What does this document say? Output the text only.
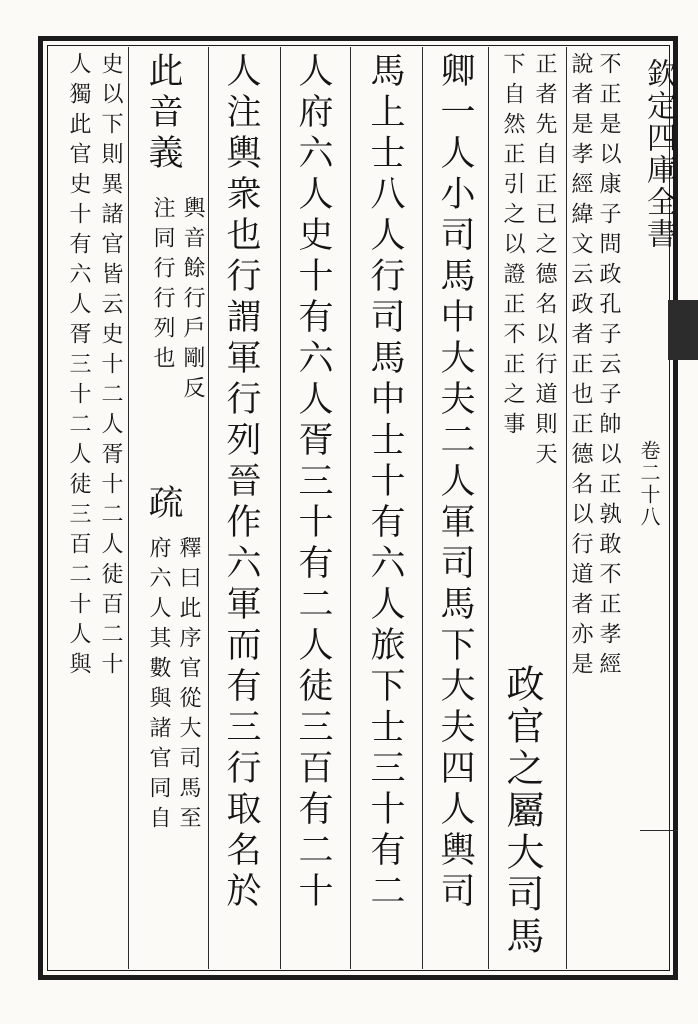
欽定四庫全書
卷二十八
不正是以康子問政孔子云子帥以正孰敢不正孝經
說者是孝經緯文云政者正也正德名以行道者亦是
正者先自正已之德名以行道則天
下自然正引之以證正不正之事
政官之屬大司馬
卿一人小司馬中大夫二人軍司馬下大夫四人輿司
馬上士八人行司馬中士十有六人旅下士三十有二
人府六人史十有六人胥三十有二人徒三百有二十
人注輿衆也行謂軍行列晉作六軍而有三行取名於
此音義
輿音餘行戶剛反
注同行行列也
疏
釋曰此序官從大司馬至
府六人其數與諸官同自
史以下則異諸官皆云史十二人胥十二人徒百二十
人獨此官史十有六人胥三十二人徒三百二十人與
